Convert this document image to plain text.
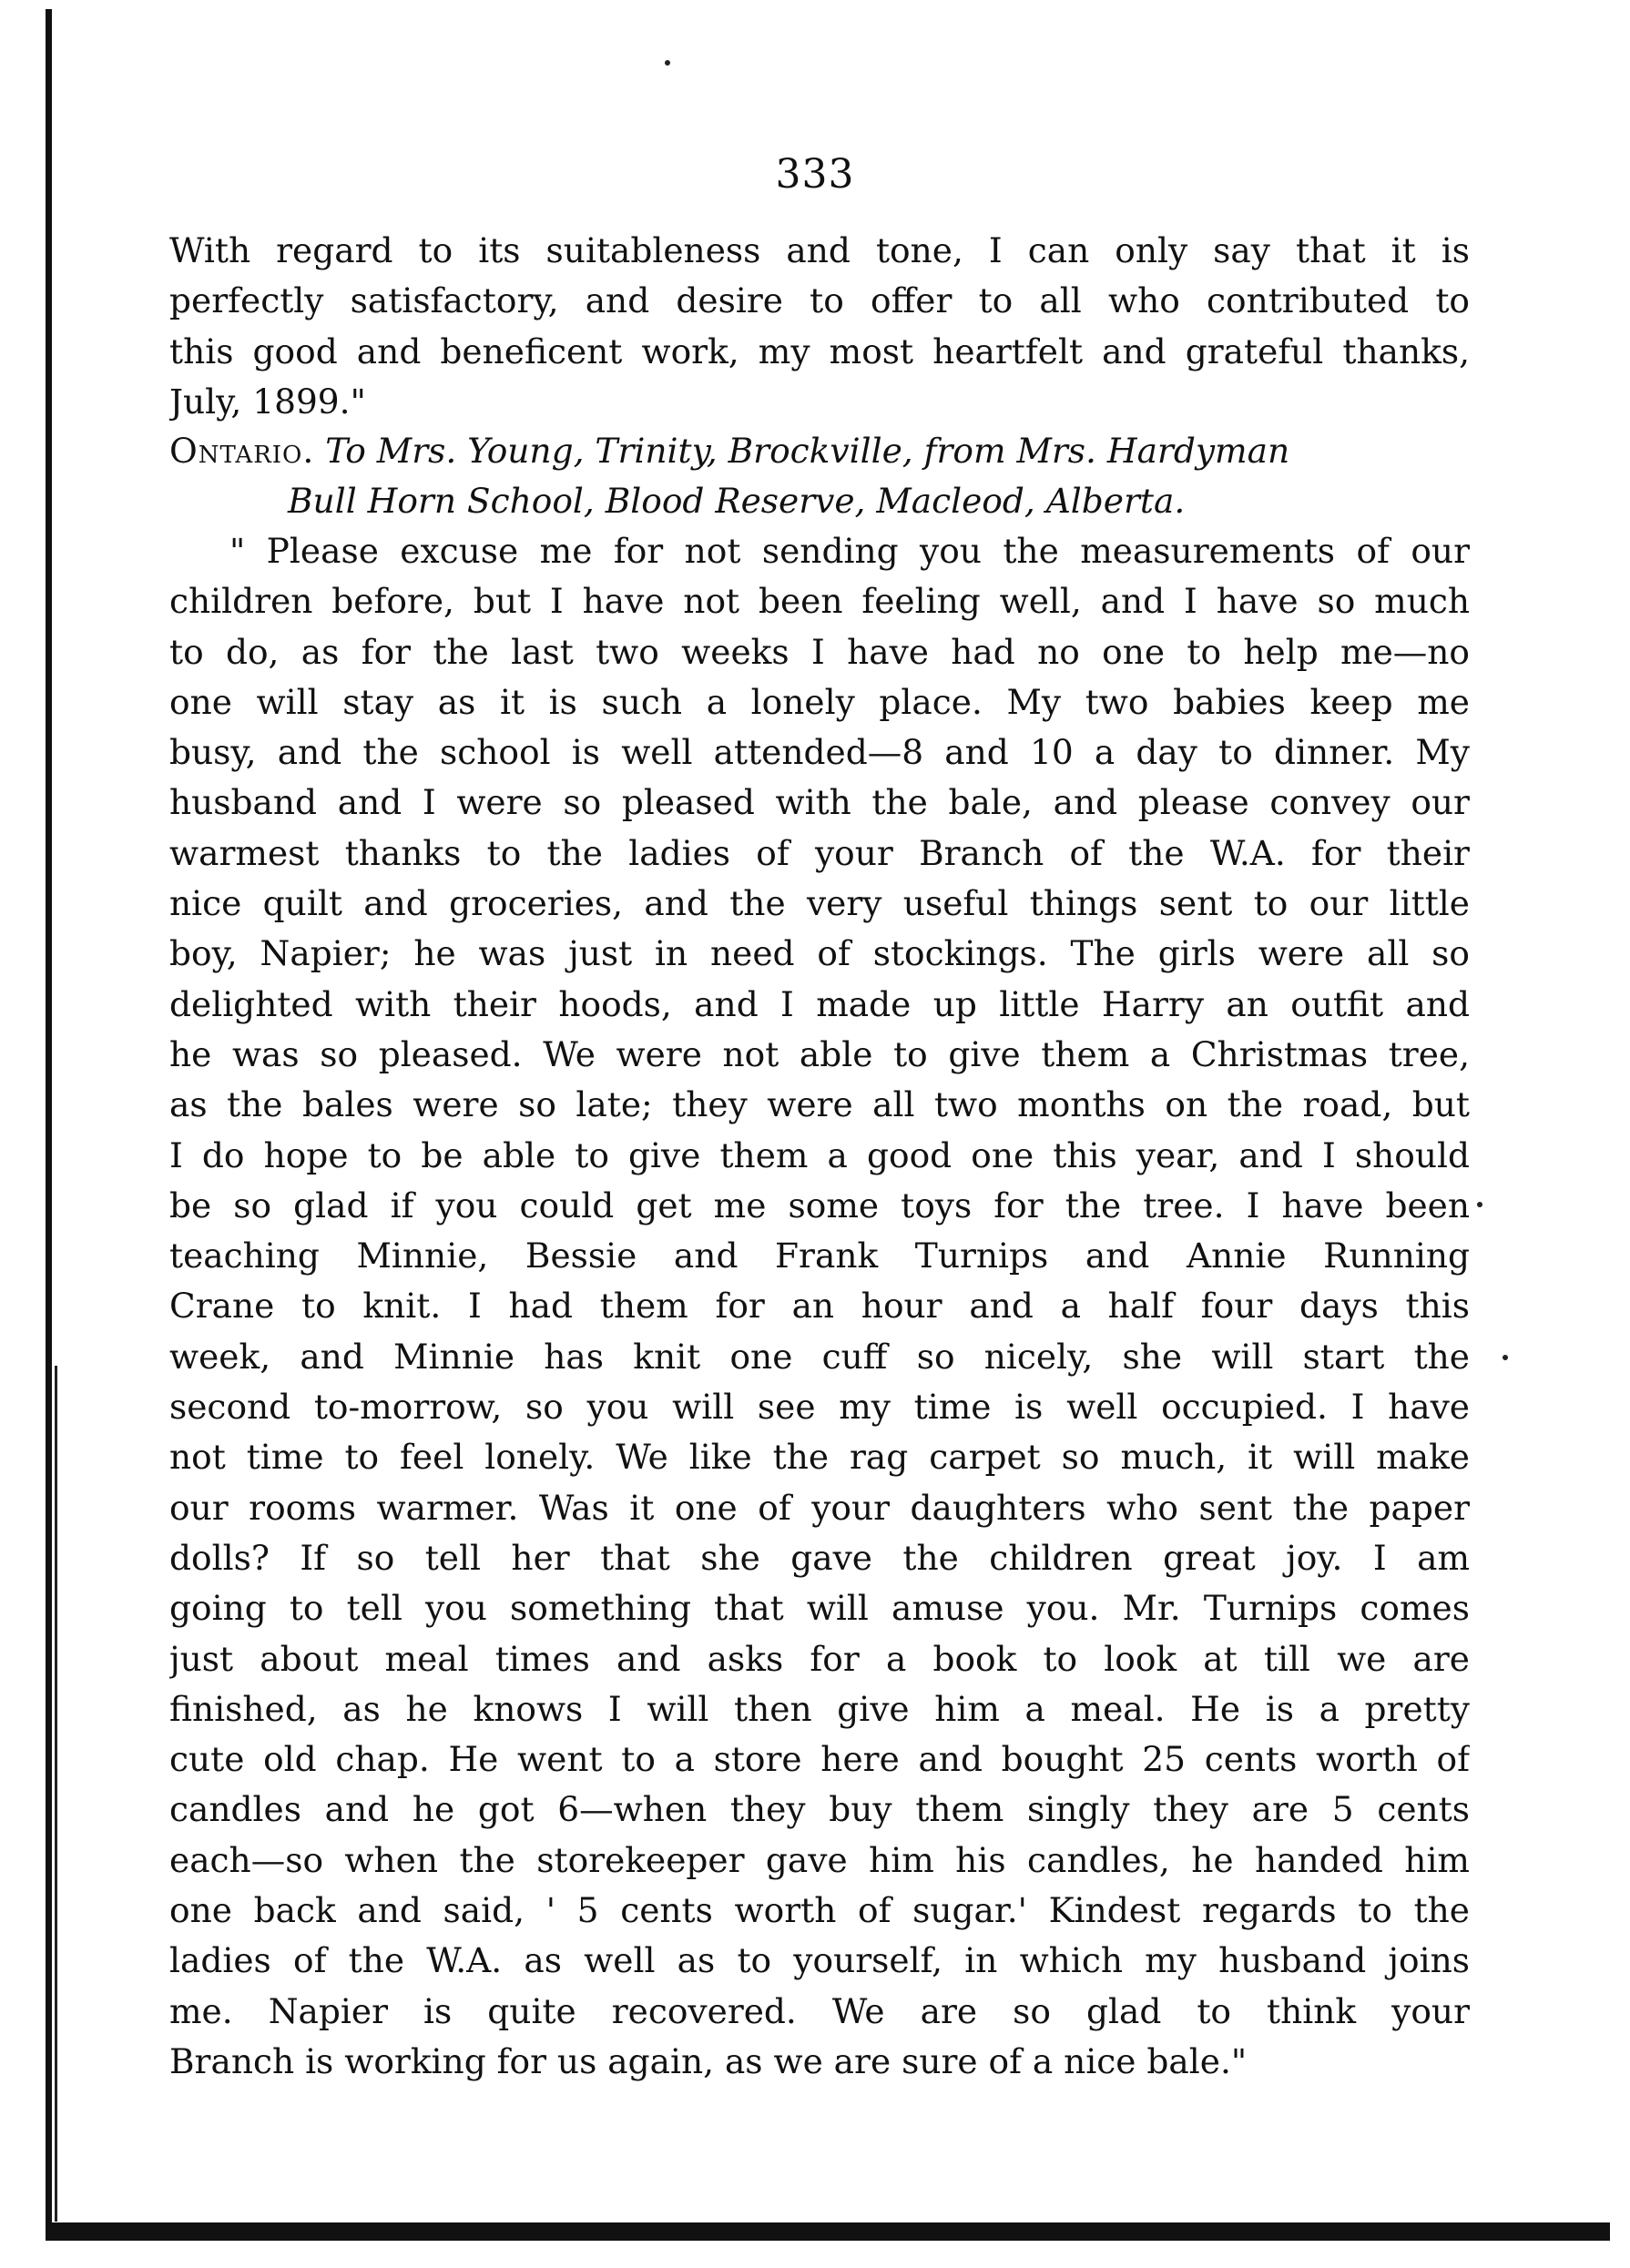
333
With regard to its suitableness and tone, I can only say that it is
perfectly satisfactory, and desire to offer to all who contributed to
this good and beneficent work, my most heartfelt and grateful thanks,
July, 1899."
Ontario. To Mrs. Young, Trinity, Brockville, from Mrs. Hardyman
Bull Horn School, Blood Reserve, Macleod, Alberta.
" Please excuse me for not sending you the measurements of our
children before, but I have not been feeling well, and I have so much
to do, as for the last two weeks I have had no one to help me—no
one will stay as it is such a lonely place. My two babies keep me
busy, and the school is well attended—8 and 10 a day to dinner. My
husband and I were so pleased with the bale, and please convey our
warmest thanks to the ladies of your Branch of the W.A. for their
nice quilt and groceries, and the very useful things sent to our little
boy, Napier; he was just in need of stockings. The girls were all so
delighted with their hoods, and I made up little Harry an outfit and
he was so pleased. We were not able to give them a Christmas tree,
as the bales were so late; they were all two months on the road, but
I do hope to be able to give them a good one this year, and I should
be so glad if you could get me some toys for the tree. I have been
teaching Minnie, Bessie and Frank Turnips and Annie Running
Crane to knit. I had them for an hour and a half four days this
week, and Minnie has knit one cuff so nicely, she will start the
second to-morrow, so you will see my time is well occupied. I have
not time to feel lonely. We like the rag carpet so much, it will make
our rooms warmer. Was it one of your daughters who sent the paper
dolls? If so tell her that she gave the children great joy. I am
going to tell you something that will amuse you. Mr. Turnips comes
just about meal times and asks for a book to look at till we are
finished, as he knows I will then give him a meal. He is a pretty
cute old chap. He went to a store here and bought 25 cents worth of
candles and he got 6—when they buy them singly they are 5 cents
each—so when the storekeeper gave him his candles, he handed him
one back and said, ' 5 cents worth of sugar.' Kindest regards to the
ladies of the W.A. as well as to yourself, in which my husband joins
me. Napier is quite recovered. We are so glad to think your
Branch is working for us again, as we are sure of a nice bale."
